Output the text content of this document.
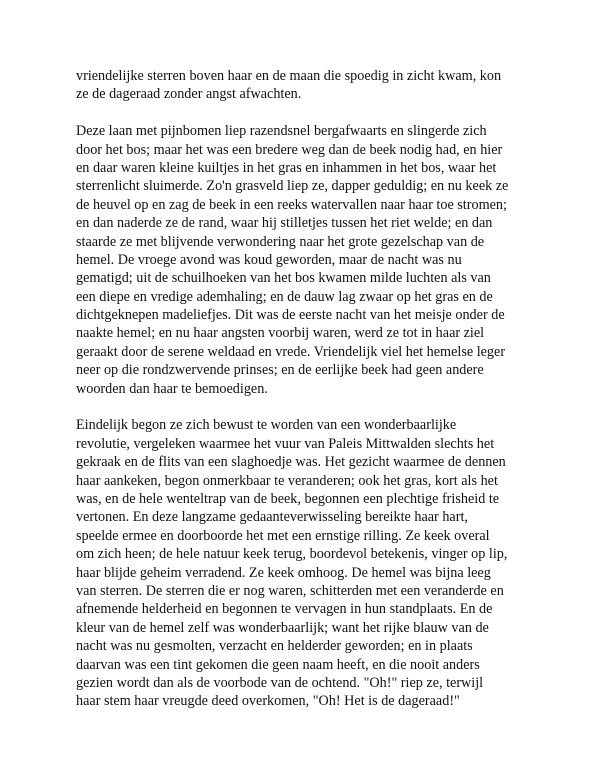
vriendelijke sterren boven haar en de maan die spoedig in zicht kwam, kon
ze de dageraad zonder angst afwachten.
Deze laan met pijnbomen liep razendsnel bergafwaarts en slingerde zich
door het bos; maar het was een bredere weg dan de beek nodig had, en hier
en daar waren kleine kuiltjes in het gras en inhammen in het bos, waar het
sterrenlicht sluimerde. Zo'n grasveld liep ze, dapper geduldig; en nu keek ze
de heuvel op en zag de beek in een reeks watervallen naar haar toe stromen;
en dan naderde ze de rand, waar hij stilletjes tussen het riet welde; en dan
staarde ze met blijvende verwondering naar het grote gezelschap van de
hemel. De vroege avond was koud geworden, maar de nacht was nu
gematigd; uit de schuilhoeken van het bos kwamen milde luchten als van
een diepe en vredige ademhaling; en de dauw lag zwaar op het gras en de
dichtgeknepen madeliefjes. Dit was de eerste nacht van het meisje onder de
naakte hemel; en nu haar angsten voorbij waren, werd ze tot in haar ziel
geraakt door de serene weldaad en vrede. Vriendelijk viel het hemelse leger
neer op die rondzwervende prinses; en de eerlijke beek had geen andere
woorden dan haar te bemoedigen.
Eindelijk begon ze zich bewust te worden van een wonderbaarlijke
revolutie, vergeleken waarmee het vuur van Paleis Mittwalden slechts het
gekraak en de flits van een slaghoedje was. Het gezicht waarmee de dennen
haar aankeken, begon onmerkbaar te veranderen; ook het gras, kort als het
was, en de hele wenteltrap van de beek, begonnen een plechtige frisheid te
vertonen. En deze langzame gedaanteverwisseling bereikte haar hart,
speelde ermee en doorboorde het met een ernstige rilling. Ze keek overal
om zich heen; de hele natuur keek terug, boordevol betekenis, vinger op lip,
haar blijde geheim verradend. Ze keek omhoog. De hemel was bijna leeg
van sterren. De sterren die er nog waren, schitterden met een veranderde en
afnemende helderheid en begonnen te vervagen in hun standplaats. En de
kleur van de hemel zelf was wonderbaarlijk; want het rijke blauw van de
nacht was nu gesmolten, verzacht en helderder geworden; en in plaats
daarvan was een tint gekomen die geen naam heeft, en die nooit anders
gezien wordt dan als de voorbode van de ochtend. "Oh!" riep ze, terwijl
haar stem haar vreugde deed overkomen, "Oh! Het is de dageraad!"
